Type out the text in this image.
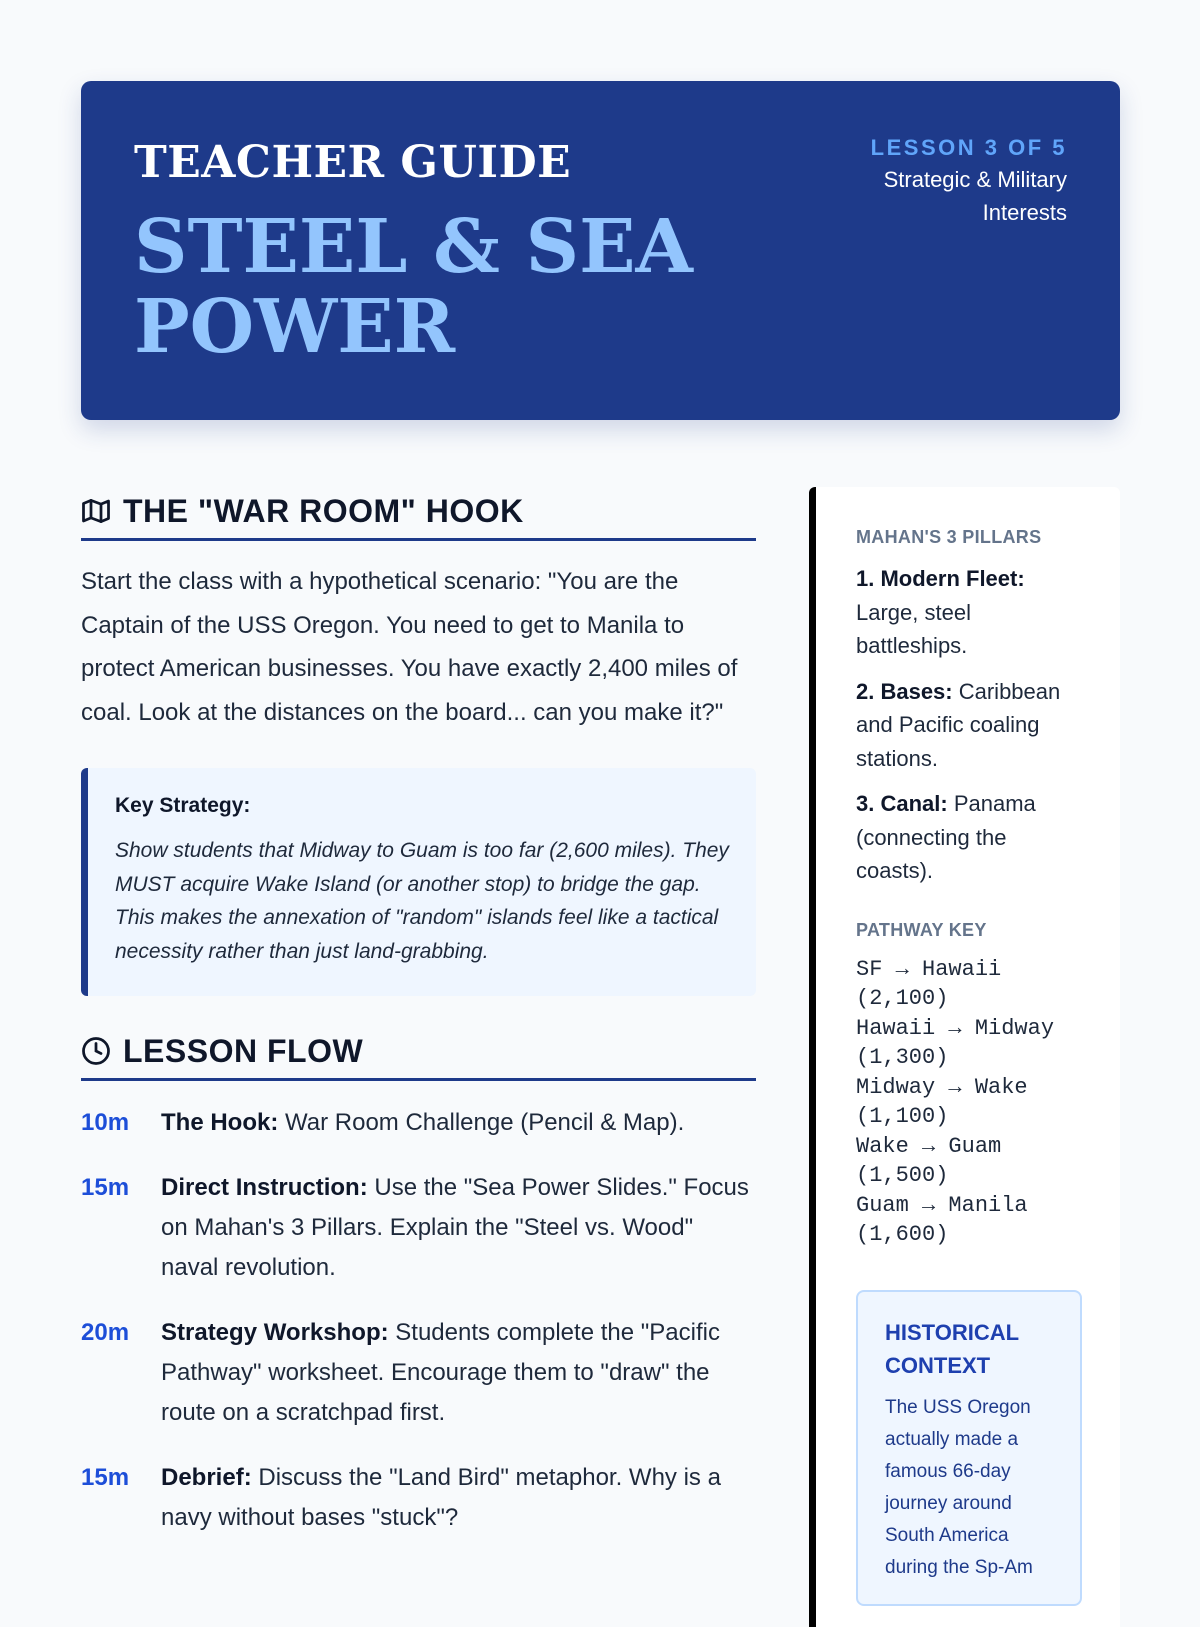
TEACHER GUIDE
STEEL & SEA POWER
LESSON 3 OF 5
Strategic & Military Interests
THE "WAR ROOM" HOOK

Start the class with a hypothetical scenario: "You are the Captain of the USS Oregon. You need to get to Manila to protect American businesses. You have exactly 2,400 miles of coal. Look at the distances on the board... can you make it?"

Key Strategy:
Show students that Midway to Guam is too far (2,600 miles). They MUST acquire Wake Island (or another stop) to bridge the gap. This makes the annexation of "random" islands feel like a tactical necessity rather than just land-grabbing.
LESSON FLOW
10m	The Hook: War Room Challenge (Pencil & Map).
15m	Direct Instruction: Use the "Sea Power Slides." Focus on Mahan's 3 Pillars. Explain the "Steel vs. Wood" naval revolution.
20m	Strategy Workshop: Students complete the "Pacific Pathway" worksheet. Encourage them to "draw" the route on a scratchpad first.
15m	Debrief: Discuss the "Land Bird" metaphor. Why is a navy without bases "stuck"?
MAHAN'S 3 PILLARS
1. Modern Fleet: Large, steel battleships.
2. Bases: Caribbean and Pacific coaling stations.
3. Canal: Panama (connecting the coasts).
PATHWAY KEY
SF → Hawaii (2,100)
Hawaii → Midway (1,300)
Midway → Wake (1,100)
Wake → Guam (1,500)
Guam → Manila (1,600)
HISTORICAL CONTEXT
The USS Oregon actually made a famous 66-day journey around South America during the Sp-Am
